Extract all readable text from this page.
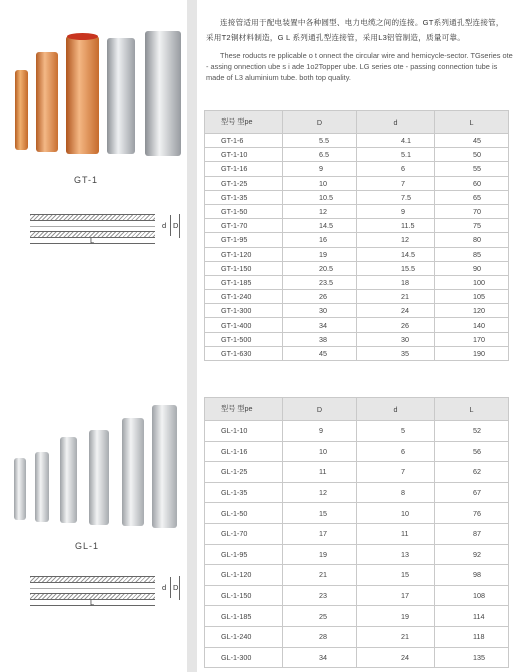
GT-1
d D
L
GL-1
d D
L
连接管适用于配电装置中各种圆型、电力电缆之间的连接。GT系列通孔型连接管，采用T2铜材料制造，G L 系列通孔型连接管，采用L3铝管制造，质量可靠。
These roducts re pplicable o t onnect the circular wire and hemicycle-sector. TGseries ote - assing onnection ube s i ade 1o2Topper ube. LG series ote - passing connection tube is made of L3 aluminium tube. both top quality.
型号 型pe	D	d	L
GT-1-6	5.5	4.1	45
GT-1-10	6.5	5.1	50
GT-1-16	9	6	55
GT-1-25	10	7	60
GT-1-35	10.5	7.5	65
GT-1-50	12	9	70
GT-1-70	14.5	11.5	75
GT-1-95	16	12	80
GT-1-120	19	14.5	85
GT-1-150	20.5	15.5	90
GT-1-185	23.5	18	100
GT-1-240	26	21	105
GT-1-300	30	24	120
GT-1-400	34	26	140
GT-1-500	38	30	170
GT-1-630	45	35	190
型号 型pe	D	d	L
GL-1-10	9	5	52
GL-1-16	10	6	56
GL-1-25	11	7	62
GL-1-35	12	8	67
GL-1-50	15	10	76
GL-1-70	17	11	87
GL-1-95	19	13	92
GL-1-120	21	15	98
GL-1-150	23	17	108
GL-1-185	25	19	114
GL-1-240	28	21	118
GL-1-300	34	24	135
